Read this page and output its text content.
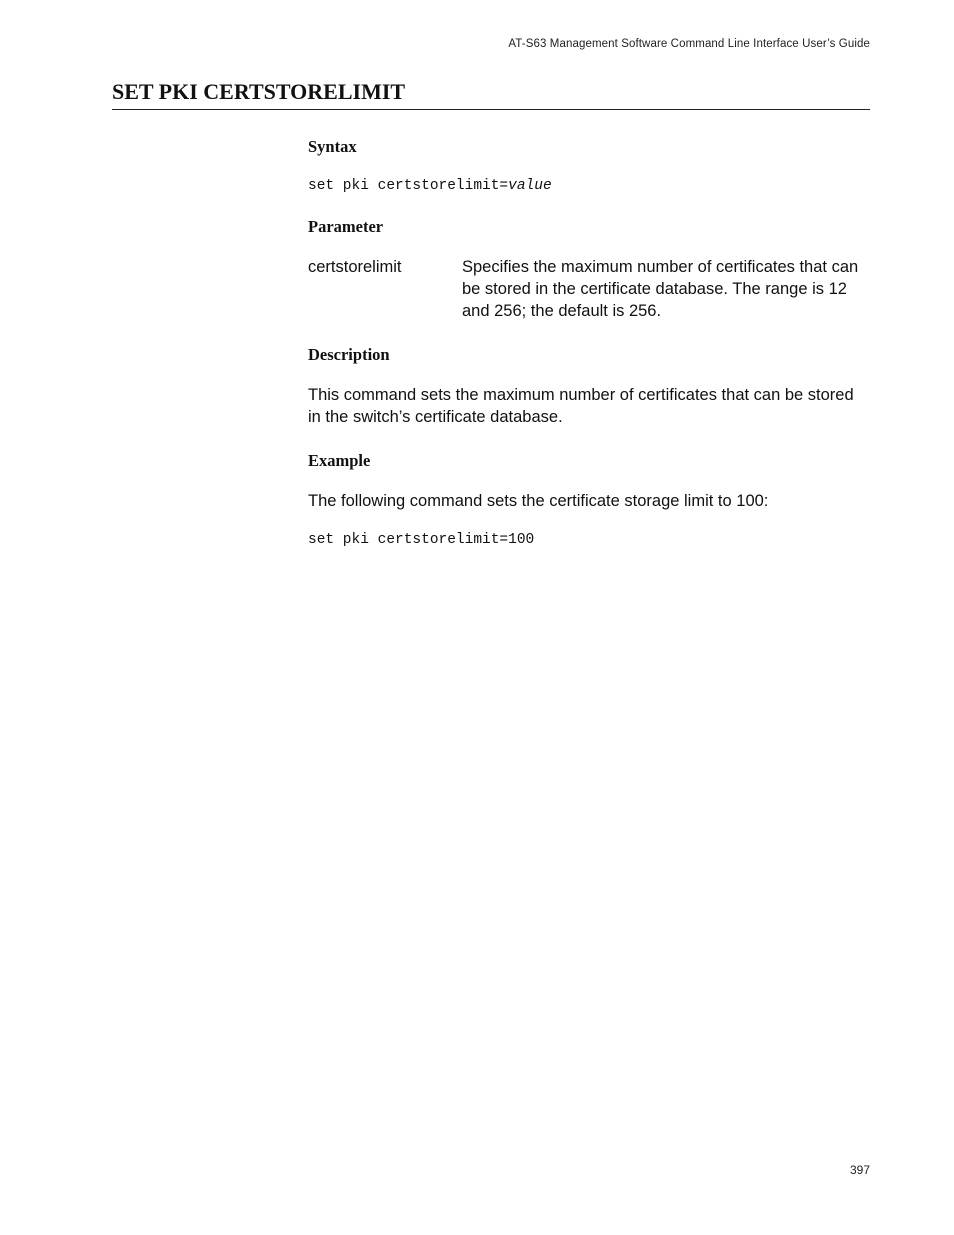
AT-S63 Management Software Command Line Interface User’s Guide
SET PKI CERTSTORELIMIT
Syntax
set pki certstorelimit=value
Parameter
certstorelimit	Specifies the maximum number of certificates that can be stored in the certificate database. The range is 12 and 256; the default is 256.
Description

This command sets the maximum number of certificates that can be stored in the switch’s certificate database.

Example

The following command sets the certificate storage limit to 100:

set pki certstorelimit=100
397
